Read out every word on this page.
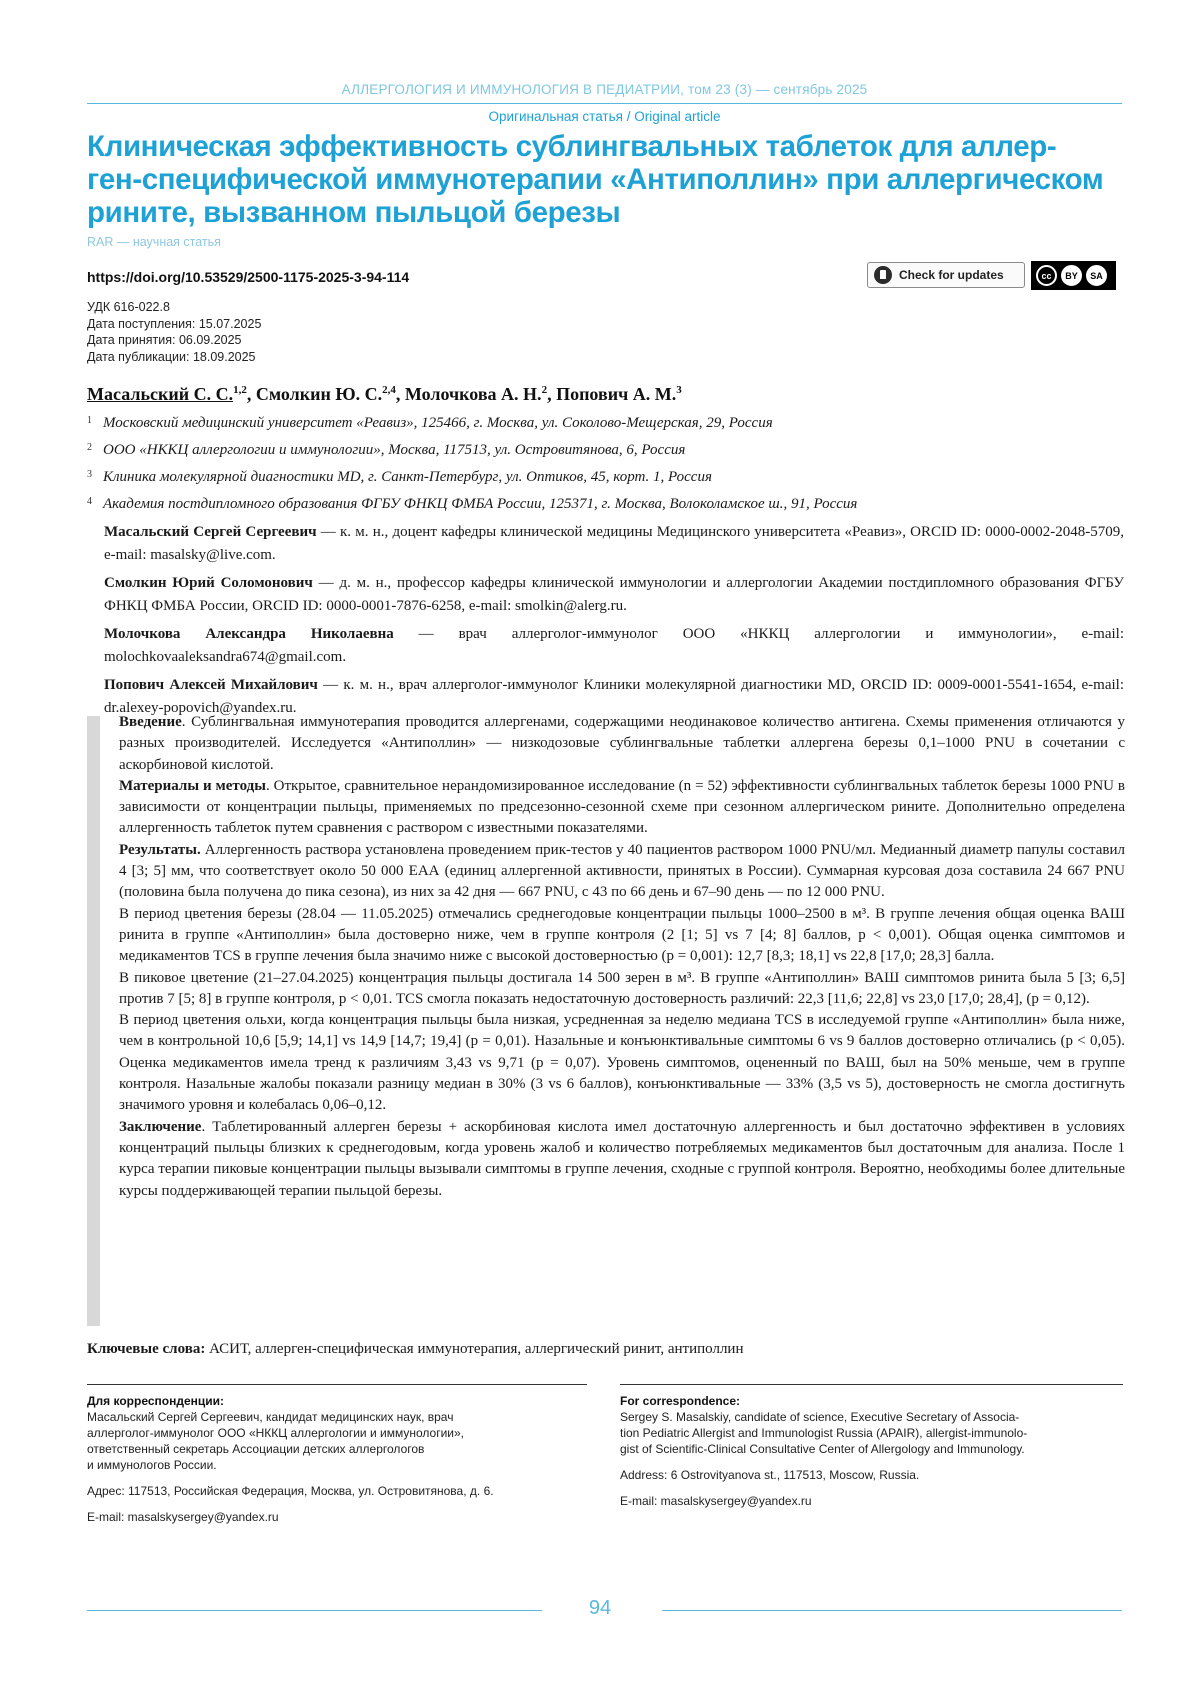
АЛЛЕРГОЛОГИЯ И ИММУНОЛОГИЯ В ПЕДИАТРИИ, том 23 (3) — сентябрь 2025
Оригинальная статья / Original article
Клиническая эффективность сублингвальных таблеток для аллер-
ген-специфической иммунотерапии «Антиполлин» при аллергическом
рините, вызванном пыльцой березы
RAR — научная статья
https://doi.org/10.53529/2500-1175-2025-3-94-114	Check for updates	cc	BY	SA
УДК 616-022.8
Дата поступления: 15.07.2025
Дата принятия: 06.09.2025
Дата публикации: 18.09.2025
Масальский С. С.$^{1,2}$, Смолкин Ю. С.$^{2,4}$, Молочкова А. Н.$^2$, Попович А. М.$^3$
1 Московский медицинский университет «Реавиз», 125466, г. Москва, ул. Соколово-Мещерская, 29, Россия
2 ООО «НККЦ аллергологии и иммунологии», Москва, 117513, ул. Островитянова, 6, Россия
3 Клиника молекулярной диагностики MD, г. Санкт-Петербург, ул. Оптиков, 45, корт. 1, Россия
4 Академия постдипломного образования ФГБУ ФНКЦ ФМБА России, 125371, г. Москва, Волоколамское ш., 91, Россия
Масальский Сергей Сергеевич — к. м. н., доцент кафедры клинической медицины Медицинского университета «Реавиз», ORCID ID: 0000-0002-2048-5709, e-mail: masalsky@live.com.
Смолкин Юрий Соломонович — д. м. н., профессор кафедры клинической иммунологии и аллергологии Академии постдипломного образования ФГБУ ФНКЦ ФМБА России, ORCID ID: 0000-0001-7876-6258, e-mail: smolkin@alerg.ru.
Молочкова Александра Николаевна — врач аллерголог-иммунолог ООО «НККЦ аллергологии и иммунологии», e-mail: molochkovaaleksandra674@gmail.com.
Попович Алексей Михайлович — к. м. н., врач аллерголог-иммунолог Клиники молекулярной диагностики MD, ORCID ID: 0009-0001-5541-1654, e-mail: dr.alexey-popovich@yandex.ru.

Введение. Сублингвальная иммунотерапия проводится аллергенами, содержащими неодинаковое количество антигена. Схемы применения отличаются у разных производителей. Исследуется «Антиполлин» — низкодозовые сублингвальные таблетки аллергена березы 0,1–1000 PNU в сочетании с аскорбиновой кислотой.

Материалы и методы. Открытое, сравнительное нерандомизированное исследование (n = 52) эффективности сублингвальных таблеток березы 1000 PNU в зависимости от концентрации пыльцы, применяемых по предсезонно-сезонной схеме при сезонном аллергическом рините. Дополнительно определена аллергенность таблеток путем сравнения с раствором с известными показателями.

Результаты. Аллергенность раствора установлена проведением прик-тестов у 40 пациентов раствором 1000 PNU/мл. Медианный диаметр папулы составил 4 [3; 5] мм, что соответствует около 50 000 ЕАА (единиц аллергенной активности, принятых в России). Суммарная курсовая доза составила 24 667 PNU (половина была получена до пика сезона), из них за 42 дня — 667 PNU, с 43 по 66 день и 67–90 день — по 12 000 PNU.

В период цветения березы (28.04 — 11.05.2025) отмечались среднегодовые концентрации пыльцы 1000–2500 в м³. В группе лечения общая оценка ВАШ ринита в группе «Антиполлин» была достоверно ниже, чем в группе контроля (2 [1; 5] vs 7 [4; 8] баллов, p < 0,001). Общая оценка симптомов и медикаментов TCS в группе лечения была значимо ниже с высокой достоверностью (p = 0,001): 12,7 [8,3; 18,1] vs 22,8 [17,0; 28,3] балла.

В пиковое цветение (21–27.04.2025) концентрация пыльцы достигала 14 500 зерен в м³. В группе «Антиполлин» ВАШ симптомов ринита была 5 [3; 6,5] против 7 [5; 8] в группе контроля, p < 0,01. TCS смогла показать недостаточную достоверность различий: 22,3 [11,6; 22,8] vs 23,0 [17,0; 28,4], (p = 0,12).

В период цветения ольхи, когда концентрация пыльцы была низкая, усредненная за неделю медиана TCS в исследуемой группе «Антиполлин» была ниже, чем в контрольной 10,6 [5,9; 14,1] vs 14,9 [14,7; 19,4] (p = 0,01). Назальные и конъюнктивальные симптомы 6 vs 9 баллов достоверно отличались (p < 0,05). Оценка медикаментов имела тренд к различиям 3,43 vs 9,71 (p = 0,07). Уровень симптомов, оцененный по ВАШ, был на 50% меньше, чем в группе контроля. Назальные жалобы показали разницу медиан в 30% (3 vs 6 баллов), конъюнктивальные — 33% (3,5 vs 5), достоверность не смогла достигнуть значимого уровня и колебалась 0,06–0,12.

Заключение. Таблетированный аллерген березы + аскорбиновая кислота имел достаточную аллергенность и был достаточно эффективен в условиях концентраций пыльцы близких к среднегодовым, когда уровень жалоб и количество потребляемых медикаментов был достаточным для анализа. После 1 курса терапии пиковые концентрации пыльцы вызывали симптомы в группе лечения, сходные с группой контроля. Вероятно, необходимы более длительные курсы поддерживающей терапии пыльцой березы.

Ключевые слова: АСИТ, аллерген-специфическая иммунотерапия, аллергический ринит, антиполлин
Для корреспонденции:
Масальский Сергей Сергеевич, кандидат медицинских наук, врач
аллерголог-иммунолог ООО «НККЦ аллергологии и иммунологии»,
ответственный секретарь Ассоциации детских аллергологов
и иммунологов России.
Адрес: 117513, Российская Федерация, Москва, ул. Островитянова, д. 6.
E-mail: masalskysergey@yandex.ru
For correspondence:
Sergey S. Masalskiy, candidate of science, Executive Secretary of Associa-
tion Pediatric Allergist and Immunologist Russia (APAIR), allergist-immunolo-
gist of Scientific-Clinical Consultative Center of Allergology and Immunology.
Address: 6 Ostrovityanova st., 117513, Moscow, Russia.
E-mail: masalskysergey@yandex.ru
94
